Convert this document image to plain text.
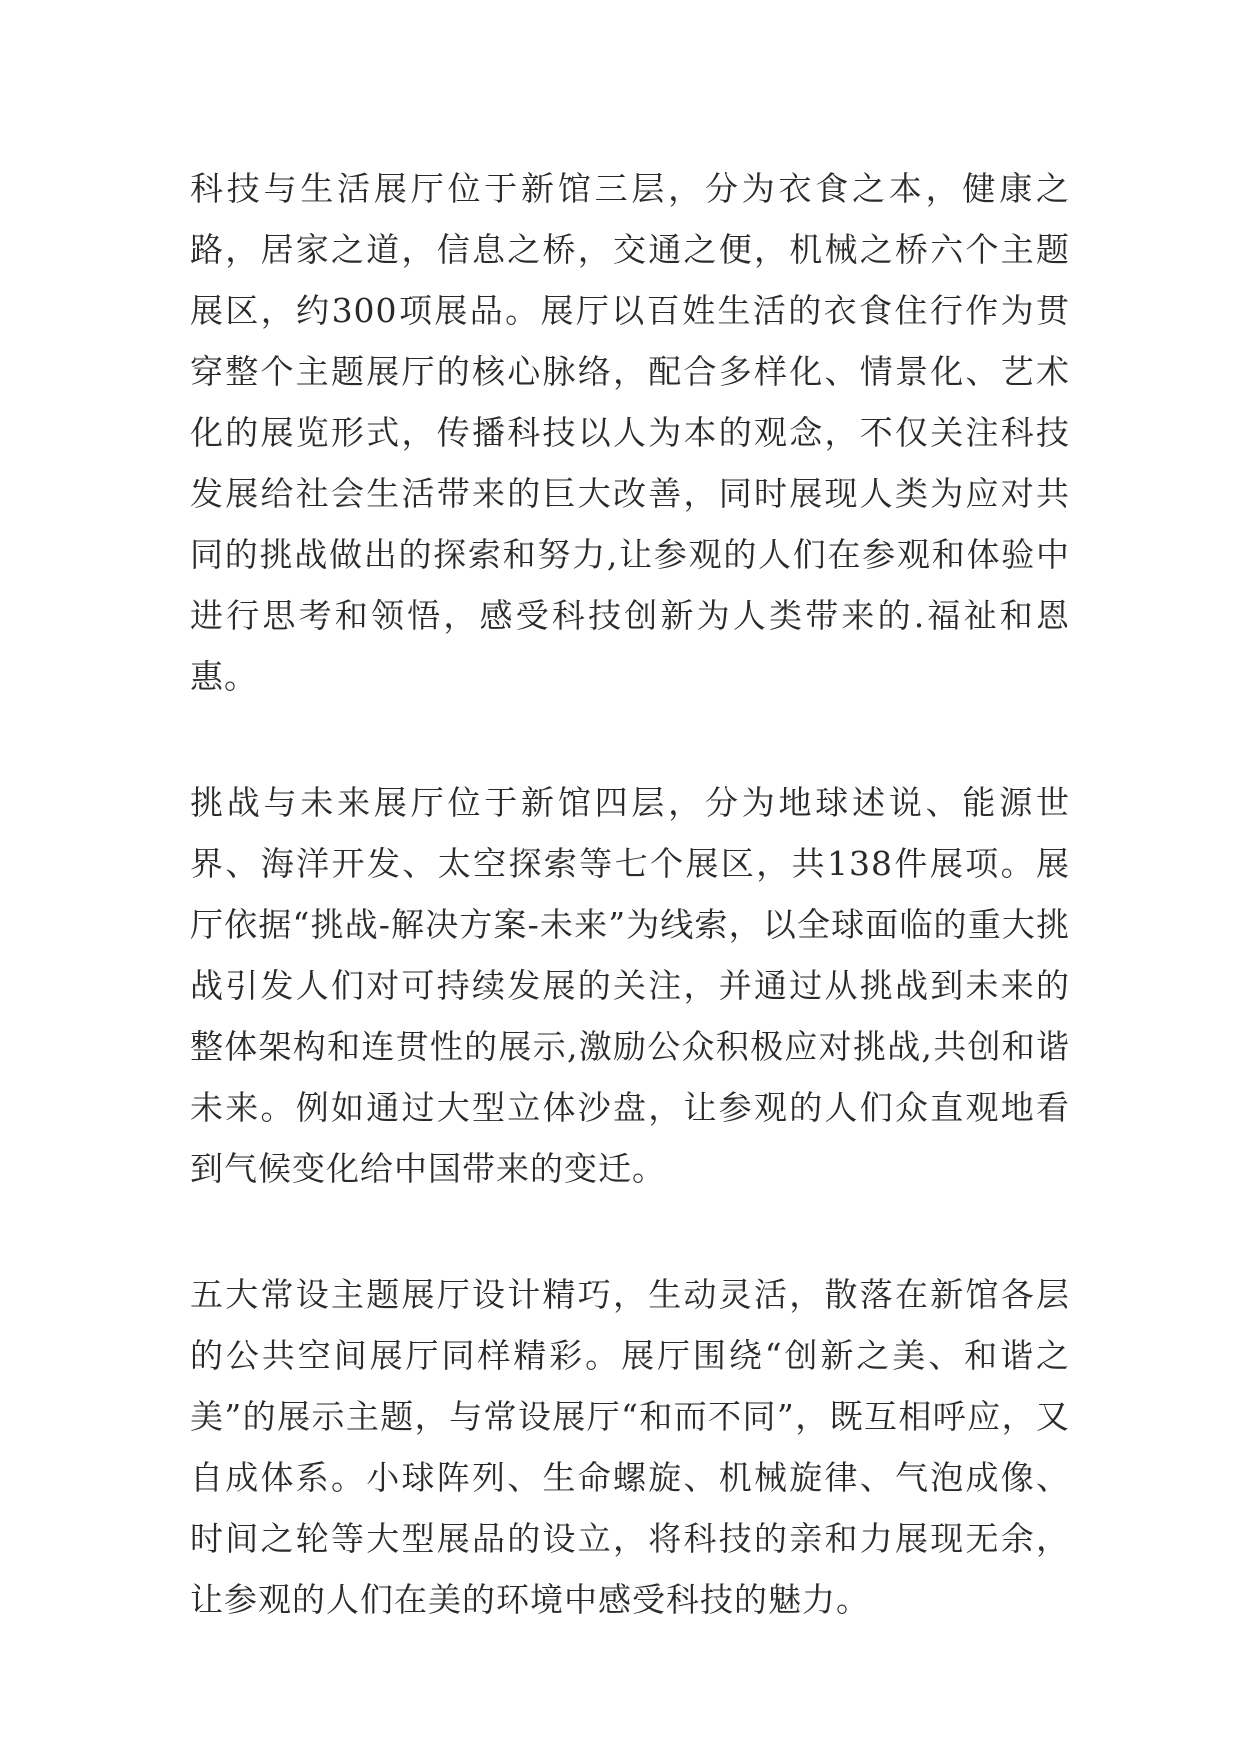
科技与生活展厅位于新馆三层，分为衣食之本，健康之路，居家之道，信息之桥，交通之便，机械之桥六个主题展区，约300项展品。展厅以百姓生活的衣食住行作为贯穿整个主题展厅的核心脉络，配合多样化、情景化、艺术化的展览形式，传播科技以人为本的观念，不仅关注科技发展给社会生活带来的巨大改善，同时展现人类为应对共同的挑战做出的探索和努力,让参观的人们在参观和体验中进行思考和领悟，感受科技创新为人类带来的.福祉和恩惠。

挑战与未来展厅位于新馆四层，分为地球述说、能源世界、海洋开发、太空探索等七个展区，共138件展项。展厅依据“挑战-解决方案-未来”为线索，以全球面临的重大挑战引发人们对可持续发展的关注，并通过从挑战到未来的整体架构和连贯性的展示,激励公众积极应对挑战,共创和谐未来。例如通过大型立体沙盘，让参观的人们众直观地看到气候变化给中国带来的变迁。

五大常设主题展厅设计精巧，生动灵活，散落在新馆各层的公共空间展厅同样精彩。展厅围绕“创新之美、和谐之美”的展示主题，与常设展厅“和而不同”，既互相呼应，又自成体系。小球阵列、生命螺旋、机械旋律、气泡成像、时间之轮等大型展品的设立，将科技的亲和力展现无余，让参观的人们在美的环境中感受科技的魅力。
